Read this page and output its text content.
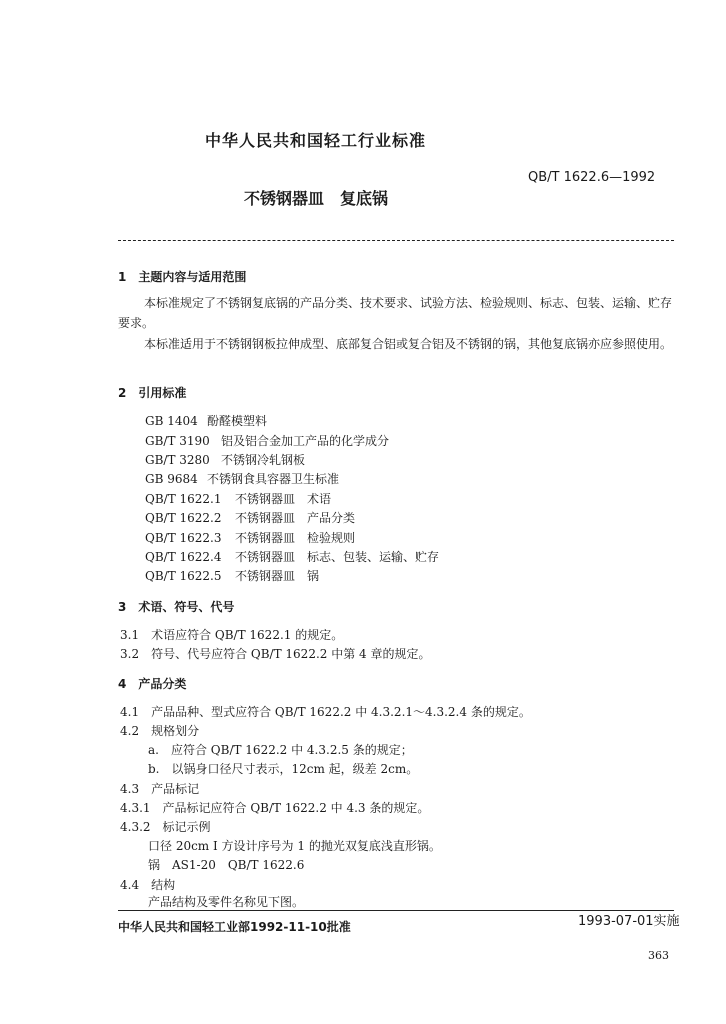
中华人民共和国轻工行业标准
QB/T 1622.6—1992
不锈钢器皿　复底锅
1　主题内容与适用范围
本标准规定了不锈钢复底锅的产品分类、技术要求、试验方法、检验规则、标志、包装、运输、贮存要求。
本标准适用于不锈钢钢板拉伸成型、底部复合铝或复合铝及不锈钢的锅，其他复底锅亦应参照使用。
2　引用标准
GB 1404 酚醛模塑料
GB/T 3190 铝及铝合金加工产品的化学成分
GB/T 3280 不锈钢冷轧钢板
GB 9684 不锈钢食具容器卫生标准
QB/T 1622.1 不锈钢器皿　术语
QB/T 1622.2 不锈钢器皿　产品分类
QB/T 1622.3 不锈钢器皿　检验规则
QB/T 1622.4 不锈钢器皿　标志、包装、运输、贮存
QB/T 1622.5 不锈钢器皿　锅
3　术语、符号、代号
3.1　术语应符合 QB/T 1622.1 的规定。
3.2　符号、代号应符合 QB/T 1622.2 中第 4 章的规定。
4　产品分类
4.1　产品品种、型式应符合 QB/T 1622.2 中 4.3.2.1～4.3.2.4 条的规定。
4.2　规格划分
a.　应符合 QB/T 1622.2 中 4.3.2.5 条的规定；
b.　以锅身口径尺寸表示，12cm 起，级差 2cm。
4.3　产品标记
4.3.1　产品标记应符合 QB/T 1622.2 中 4.3 条的规定。
4.3.2　标记示例
口径 20cm Ⅰ 方设计序号为 1 的抛光双复底浅直形锅。
锅　AS1-20　QB/T 1622.6
4.4　结构
产品结构及零件名称见下图。
中华人民共和国轻工业部1992-11-10批准	1993-07-01实施
363
